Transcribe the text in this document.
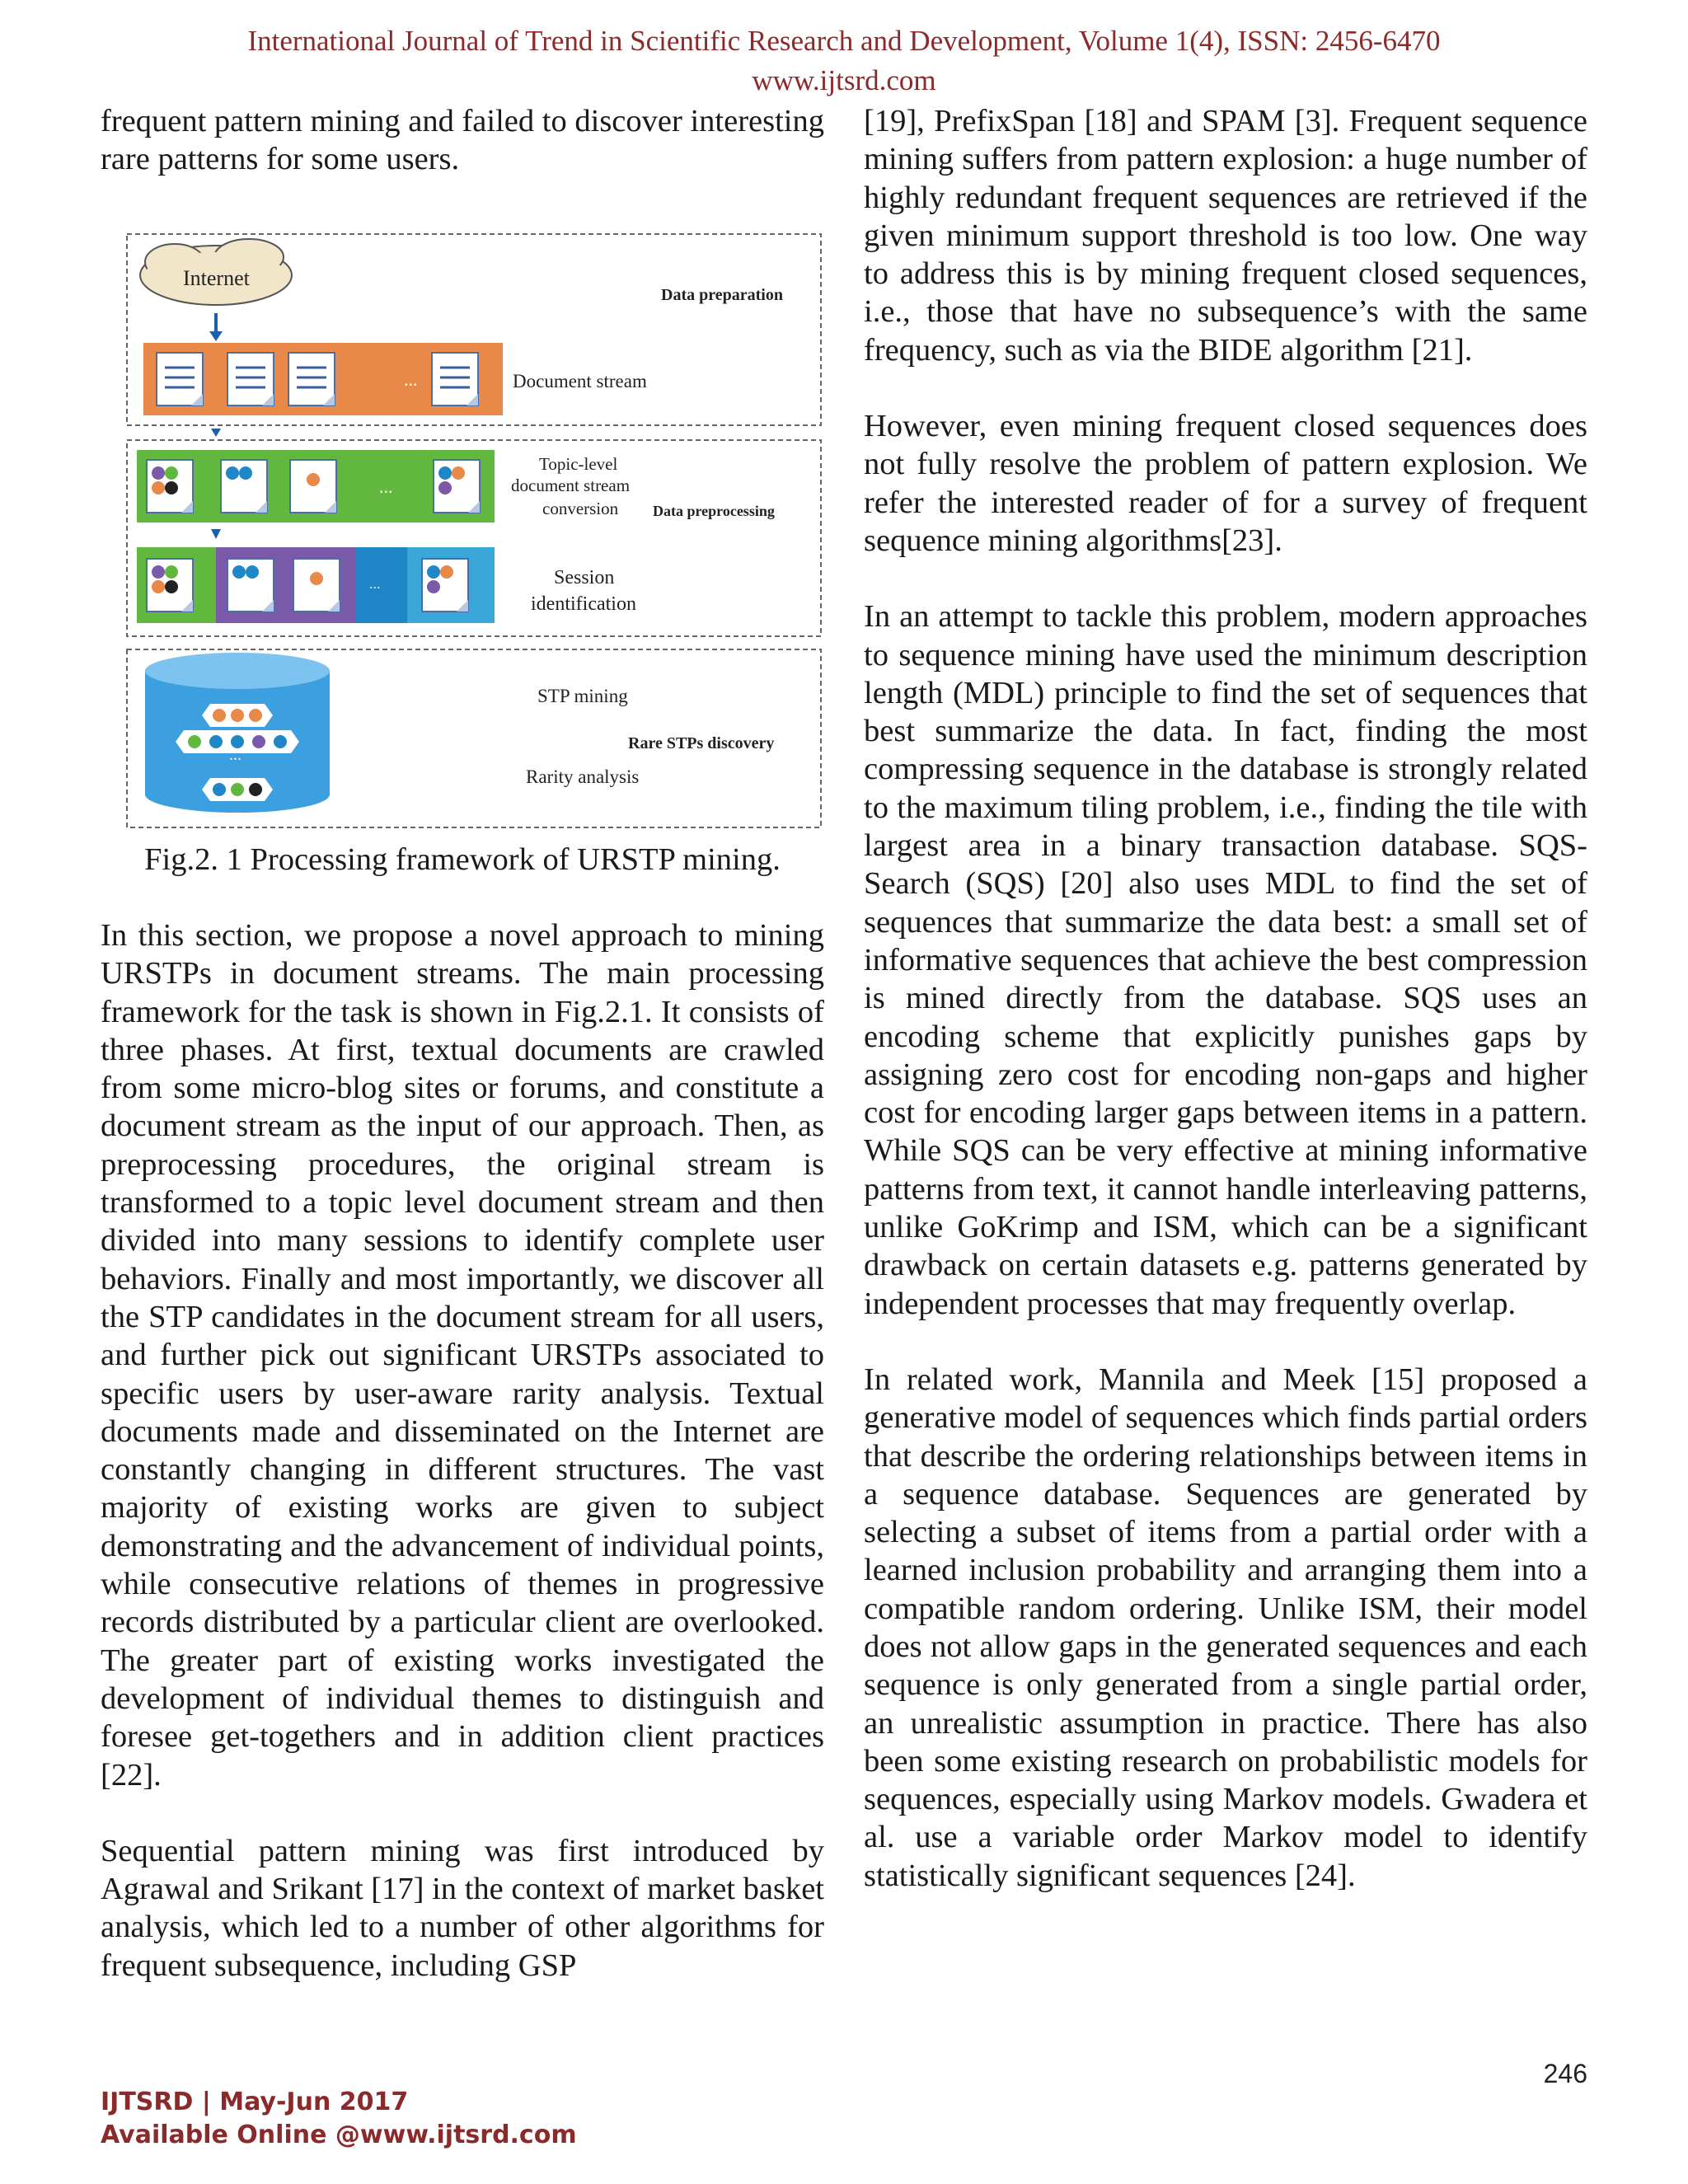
International Journal of Trend in Scientific Research and Development, Volume 1(4), ISSN: 2456-6470
www.ijtsrd.com

frequent pattern mining and failed to discover interesting rare patterns for some users.

Internet
Data preparation
...	Document stream
...
Topic-level
document stream
conversion Data preprocessing
...	Session
identification
...
STP mining
Rare STPs discovery
Rarity analysis
Fig.2. 1 Processing framework of URSTP mining.

In this section, we propose a novel approach to mining URSTPs in document streams. The main processing framework for the task is shown in Fig.2.1. It consists of three phases. At first, textual documents are crawled from some micro-blog sites or forums, and constitute a document stream as the input of our approach. Then, as preprocessing procedures, the original stream is transformed to a topic level document stream and then divided into many sessions to identify complete user behaviors. Finally and most importantly, we discover all the STP candidates in the document stream for all users, and further pick out significant URSTPs associated to specific users by user-aware rarity analysis. Textual documents made and disseminated on the Internet are constantly changing in different structures. The vast majority of existing works are given to subject demonstrating and the advancement of individual points, while consecutive relations of themes in progressive records distributed by a particular client are overlooked. The greater part of existing works investigated the development of individual themes to distinguish and foresee get-togethers and in addition client practices [22].

Sequential pattern mining was first introduced by Agrawal and Srikant [17] in the context of market basket analysis, which led to a number of other algorithms for frequent subsequence, including GSP

[19], PrefixSpan [18] and SPAM [3]. Frequent sequence mining suffers from pattern explosion: a huge number of highly redundant frequent sequences are retrieved if the given minimum support threshold is too low. One way to address this is by mining frequent closed sequences, i.e., those that have no subsequence’s with the same frequency, such as via the BIDE algorithm [21].

However, even mining frequent closed sequences does not fully resolve the problem of pattern explosion. We refer the interested reader of for a survey of frequent sequence mining algorithms[23].

In an attempt to tackle this problem, modern approaches to sequence mining have used the minimum description length (MDL) principle to find the set of sequences that best summarize the data. In fact, finding the most compressing sequence in the database is strongly related to the maximum tiling problem, i.e., finding the tile with largest area in a binary transaction database. SQS-Search (SQS) [20] also uses MDL to find the set of sequences that summarize the data best: a small set of informative sequences that achieve the best compression is mined directly from the database. SQS uses an encoding scheme that explicitly punishes gaps by assigning zero cost for encoding non-gaps and higher cost for encoding larger gaps between items in a pattern. While SQS can be very effective at mining informative patterns from text, it cannot handle interleaving patterns, unlike GoKrimp and ISM, which can be a significant drawback on certain datasets e.g. patterns generated by independent processes that may frequently overlap.

In related work, Mannila and Meek [15] proposed a generative model of sequences which finds partial orders that describe the ordering relationships between items in a sequence database. Sequences are generated by selecting a subset of items from a partial order with a learned inclusion probability and arranging them into a compatible random ordering. Unlike ISM, their model does not allow gaps in the generated sequences and each sequence is only generated from a single partial order, an unrealistic assumption in practice. There has also been some existing research on probabilistic models for sequences, especially using Markov models. Gwadera et al. use a variable order Markov model to identify statistically significant sequences [24].

246
IJTSRD | May-Jun 2017
Available Online @www.ijtsrd.com
